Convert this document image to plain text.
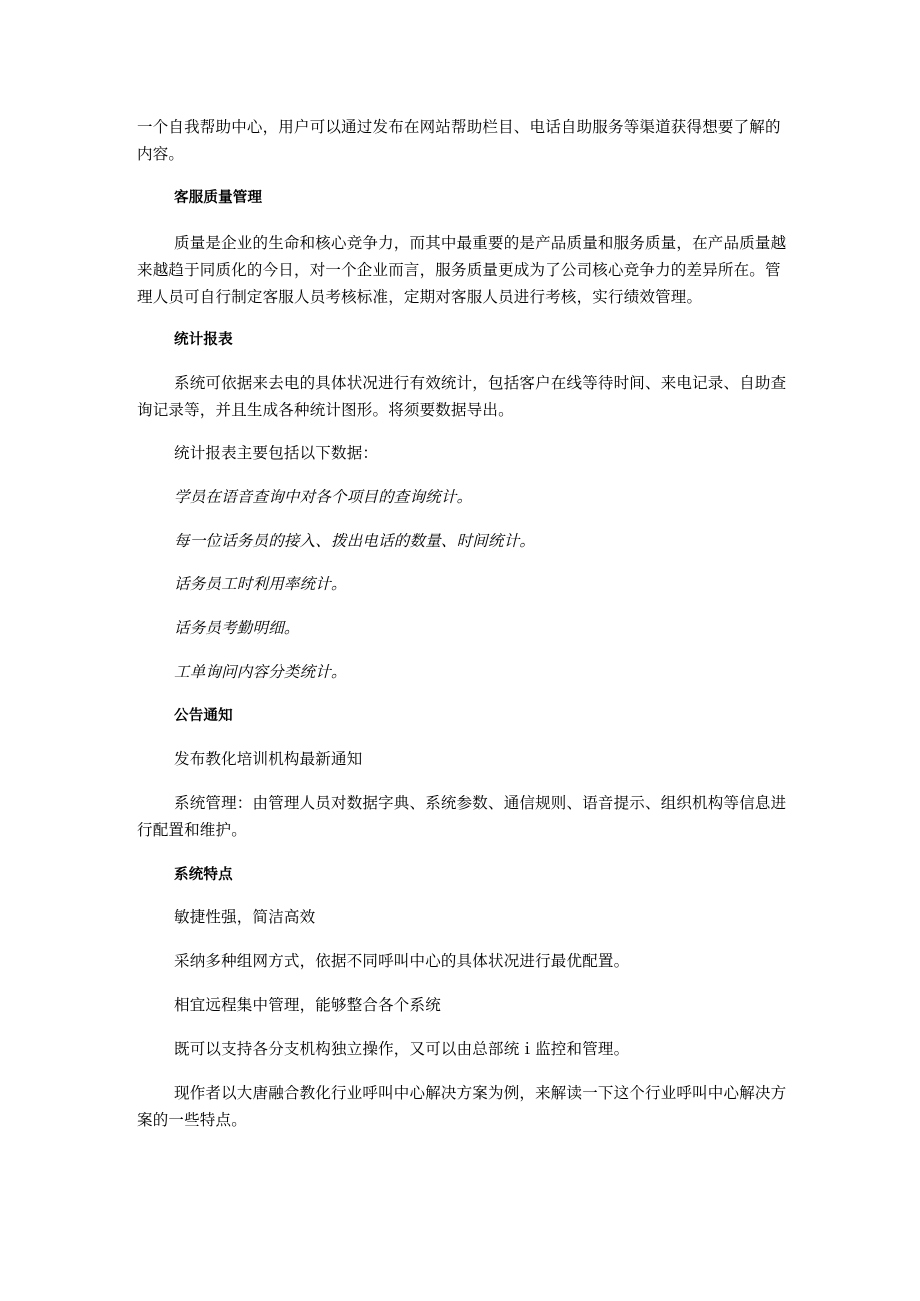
一个自我帮助中心，用户可以通过发布在网站帮助栏目、电话自助服务等渠道获得想要了解的内容。
客服质量管理
质量是企业的生命和核心竞争力，而其中最重要的是产品质量和服务质量，在产品质量越来越趋于同质化的今日，对一个企业而言，服务质量更成为了公司核心竞争力的差异所在。管理人员可自行制定客服人员考核标准，定期对客服人员进行考核，实行绩效管理。
统计报表
系统可依据来去电的具体状况进行有效统计，包括客户在线等待时间、来电记录、自助查询记录等，并且生成各种统计图形。将须要数据导出。
统计报表主要包括以下数据：
学员在语音查询中对各个项目的查询统计。
每一位话务员的接入、拨出电话的数量、时间统计。
话务员工时利用率统计。
话务员考勤明细。
工单询问内容分类统计。
公告通知
发布教化培训机构最新通知
系统管理：由管理人员对数据字典、系统参数、通信规则、语音提示、组织机构等信息进行配置和维护。
系统特点
敏捷性强，简洁高效
采纳多种组网方式，依据不同呼叫中心的具体状况进行最优配置。
相宜远程集中管理，能够整合各个系统
既可以支持各分支机构独立操作，又可以由总部统ｉ监控和管理。
现作者以大唐融合教化行业呼叫中心解决方案为例，来解读一下这个行业呼叫中心解决方案的一些特点。
